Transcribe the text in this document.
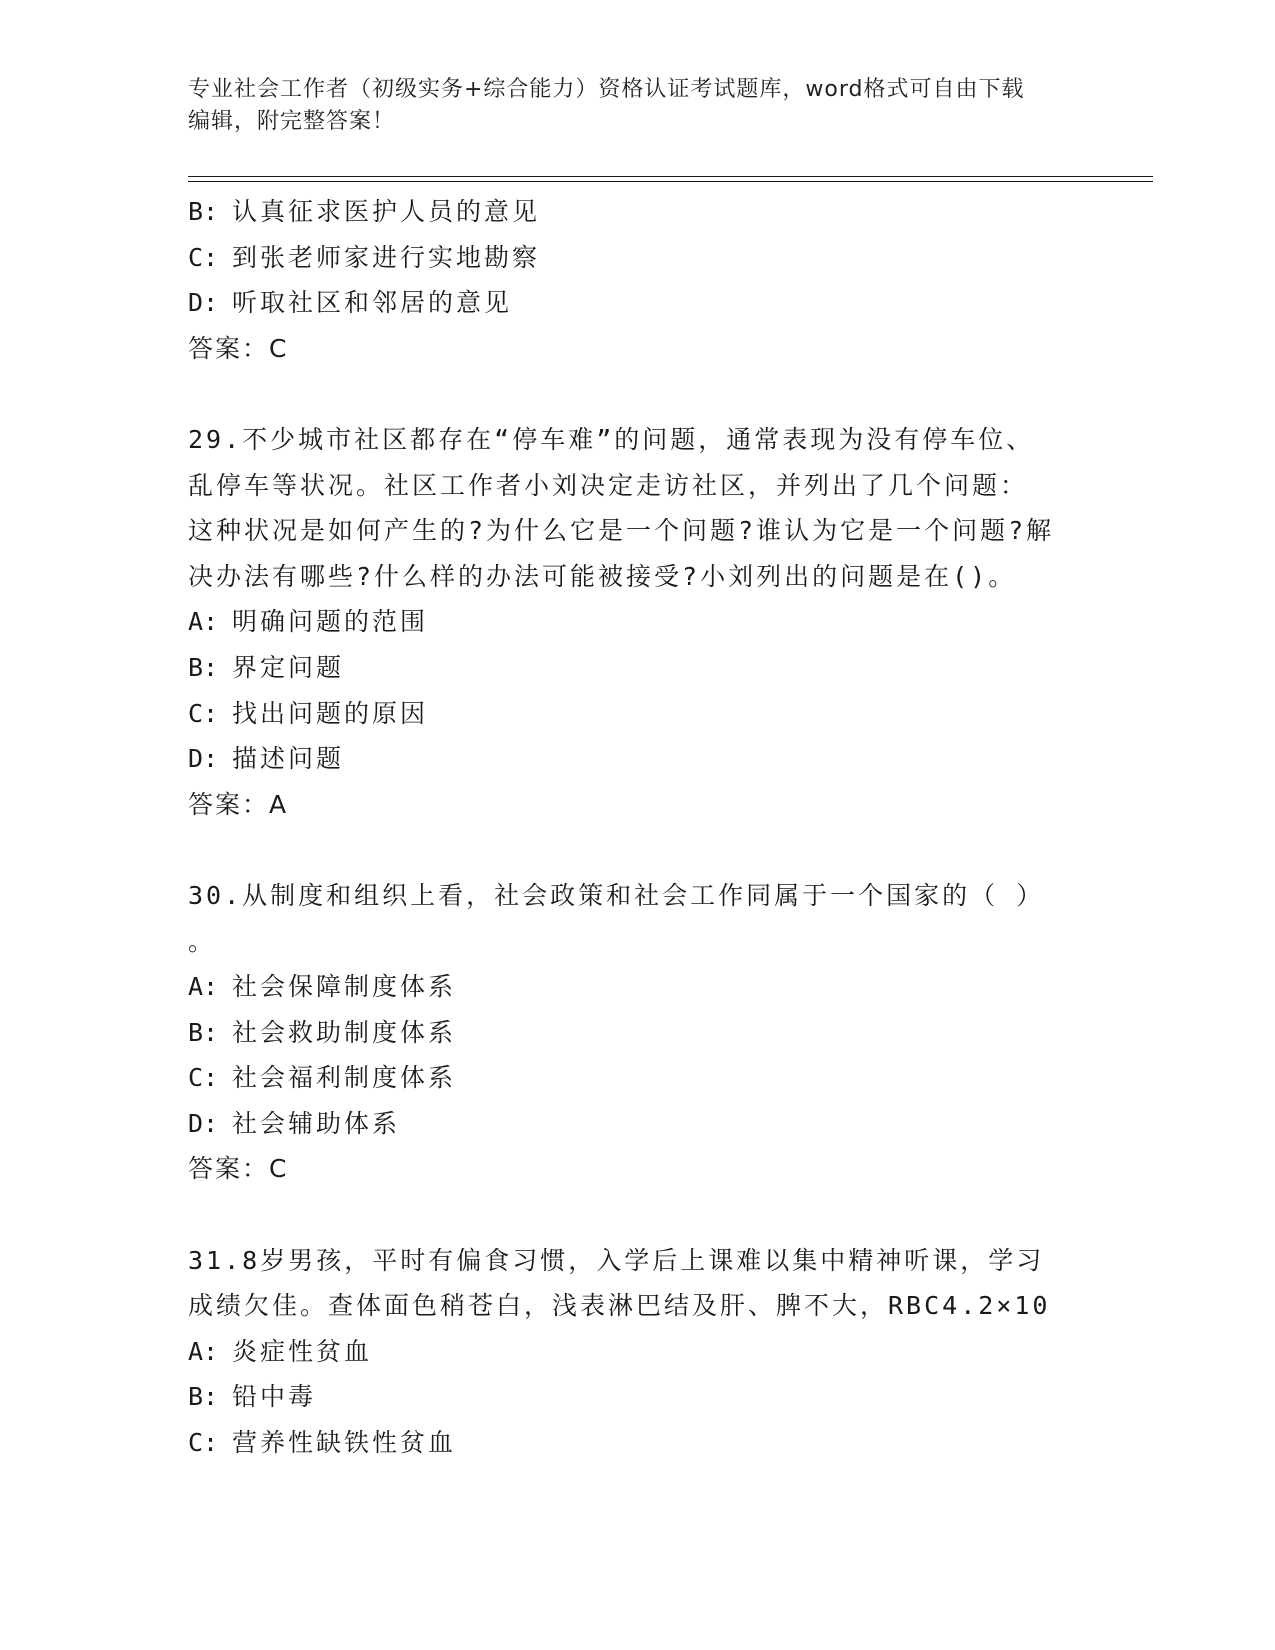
专业社会工作者（初级实务+综合能力）资格认证考试题库，word格式可自由下载
编辑，附完整答案！
B: 认真征求医护人员的意见
C: 到张老师家进行实地勘察
D: 听取社区和邻居的意见
答案：C
29.不少城市社区都存在“停车难”的问题，通常表现为没有停车位、
乱停车等状况。社区工作者小刘决定走访社区，并列出了几个问题：
这种状况是如何产生的?为什么它是一个问题?谁认为它是一个问题?解
决办法有哪些?什么样的办法可能被接受?小刘列出的问题是在()。
A: 明确问题的范围
B: 界定问题
C: 找出问题的原因
D: 描述问题
答案：A
30.从制度和组织上看，社会政策和社会工作同属于一个国家的（ ）
。
A: 社会保障制度体系
B: 社会救助制度体系
C: 社会福利制度体系
D: 社会辅助体系
答案：C
31.8岁男孩，平时有偏食习惯，入学后上课难以集中精神听课，学习
成绩欠佳。查体面色稍苍白，浅表淋巴结及肝、脾不大，RBC4.2×10
A: 炎症性贫血
B: 铅中毒
C: 营养性缺铁性贫血
